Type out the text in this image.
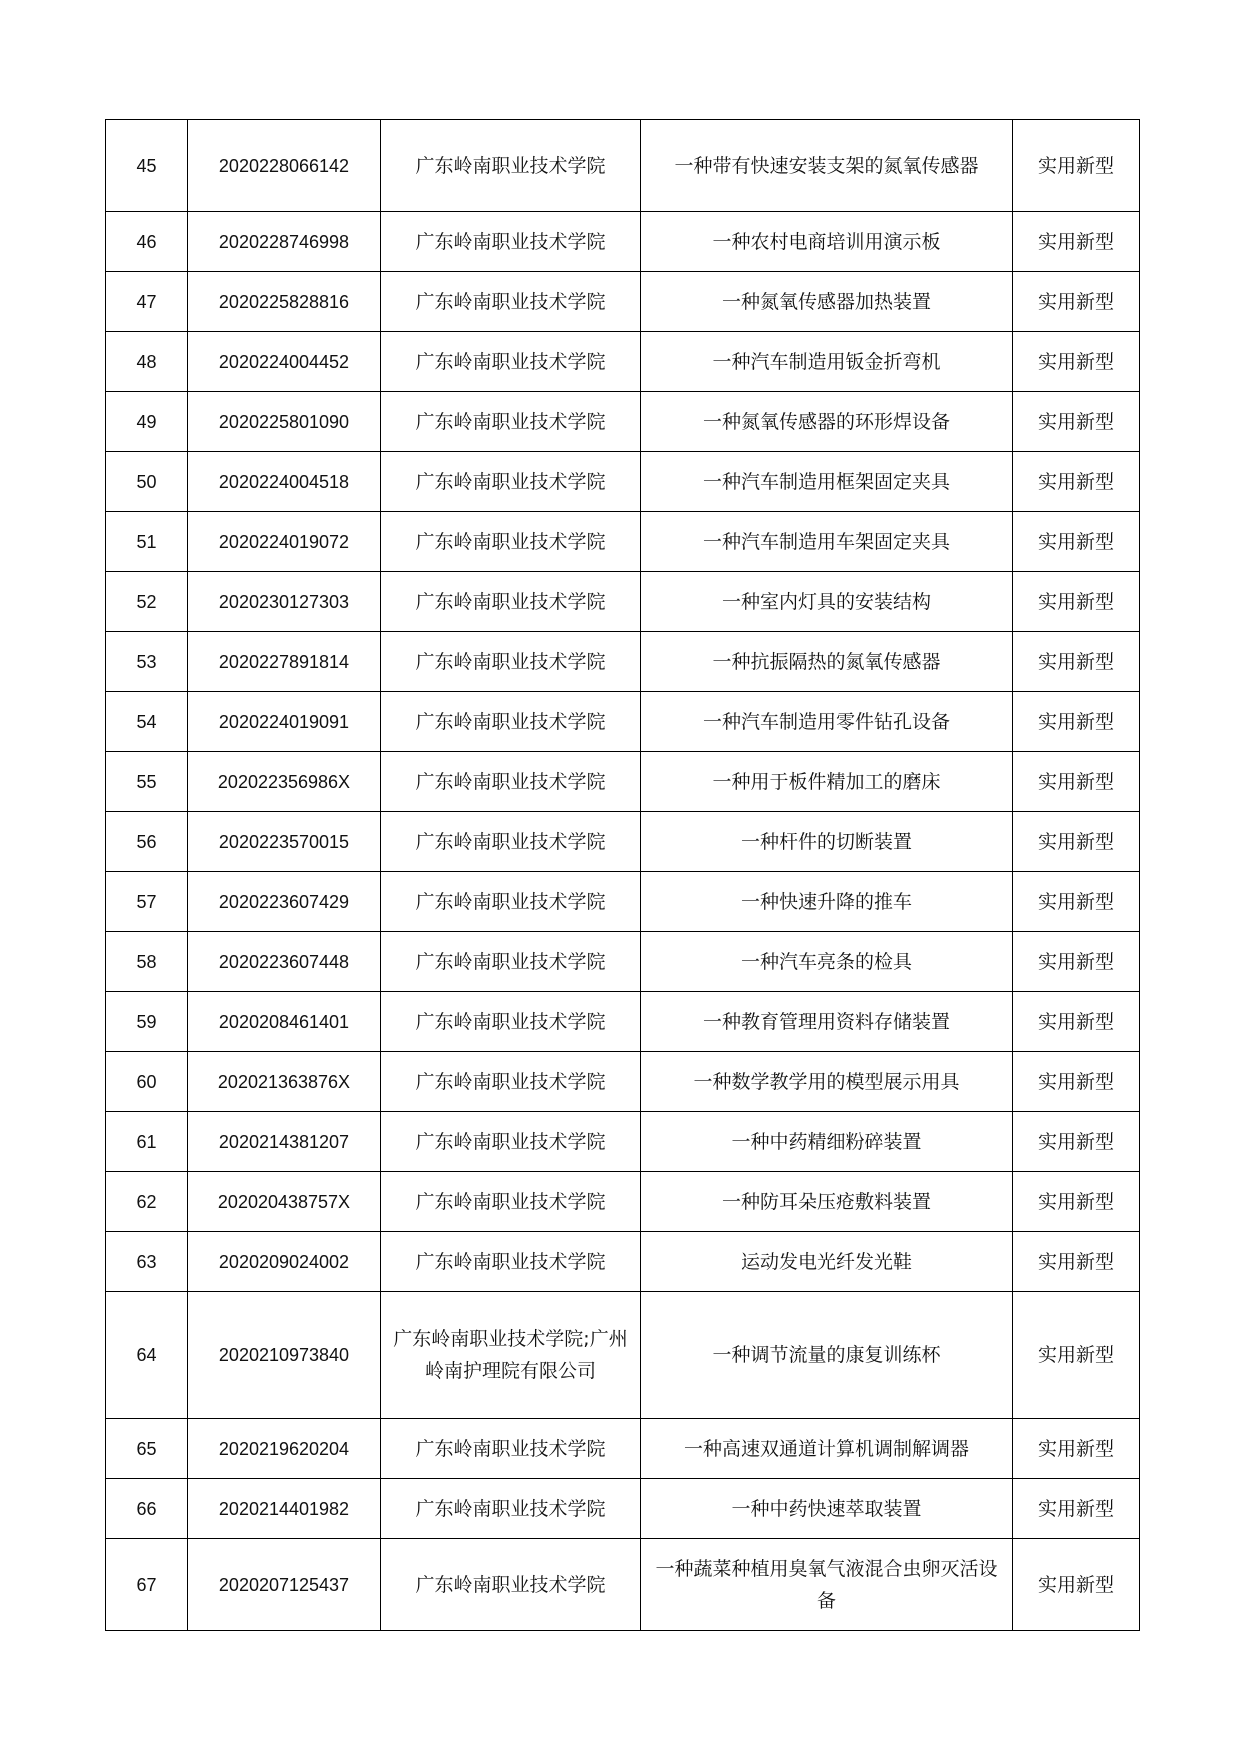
45	2020228066142	广东岭南职业技术学院	一种带有快速安装支架的氮氧传感器	实用新型
46	2020228746998	广东岭南职业技术学院	一种农村电商培训用演示板	实用新型
47	2020225828816	广东岭南职业技术学院	一种氮氧传感器加热装置	实用新型
48	2020224004452	广东岭南职业技术学院	一种汽车制造用钣金折弯机	实用新型
49	2020225801090	广东岭南职业技术学院	一种氮氧传感器的环形焊设备	实用新型
50	2020224004518	广东岭南职业技术学院	一种汽车制造用框架固定夹具	实用新型
51	2020224019072	广东岭南职业技术学院	一种汽车制造用车架固定夹具	实用新型
52	2020230127303	广东岭南职业技术学院	一种室内灯具的安装结构	实用新型
53	2020227891814	广东岭南职业技术学院	一种抗振隔热的氮氧传感器	实用新型
54	2020224019091	广东岭南职业技术学院	一种汽车制造用零件钻孔设备	实用新型
55	202022356986X	广东岭南职业技术学院	一种用于板件精加工的磨床	实用新型
56	2020223570015	广东岭南职业技术学院	一种杆件的切断装置	实用新型
57	2020223607429	广东岭南职业技术学院	一种快速升降的推车	实用新型
58	2020223607448	广东岭南职业技术学院	一种汽车亮条的检具	实用新型
59	2020208461401	广东岭南职业技术学院	一种教育管理用资料存储装置	实用新型
60	202021363876X	广东岭南职业技术学院	一种数学教学用的模型展示用具	实用新型
61	2020214381207	广东岭南职业技术学院	一种中药精细粉碎装置	实用新型
62	202020438757X	广东岭南职业技术学院	一种防耳朵压疮敷料装置	实用新型
63	2020209024002	广东岭南职业技术学院	运动发电光纤发光鞋	实用新型
64	2020210973840	广东岭南职业技术学院;广州岭南护理院有限公司	一种调节流量的康复训练杯	实用新型
65	2020219620204	广东岭南职业技术学院	一种高速双通道计算机调制解调器	实用新型
66	2020214401982	广东岭南职业技术学院	一种中药快速萃取装置	实用新型
67	2020207125437	广东岭南职业技术学院	一种蔬菜种植用臭氧气液混合虫卵灭活设备	实用新型
